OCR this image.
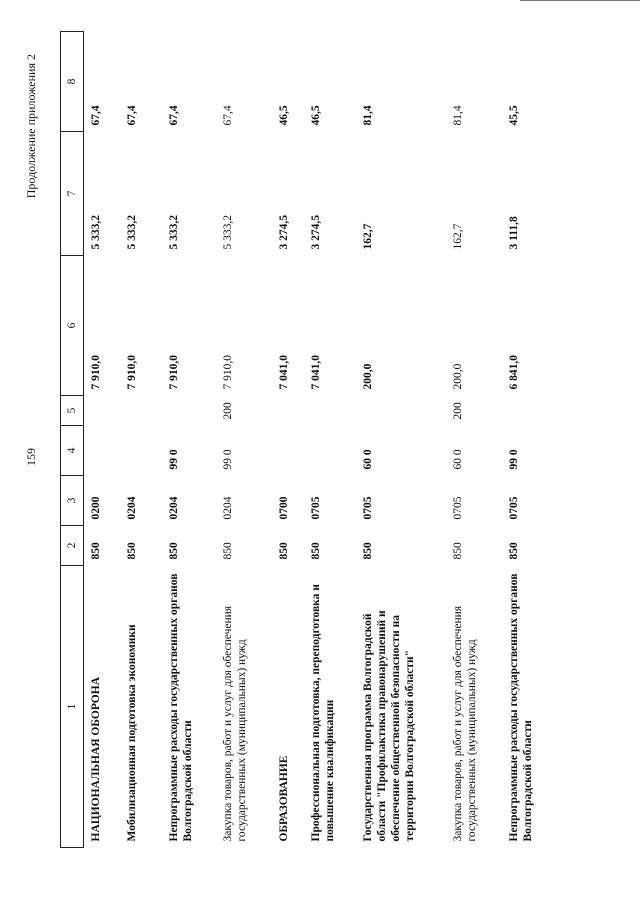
159
Продолжение приложения 2
1	2	3	4	5	6	7	8
НАЦИОНАЛЬНАЯ ОБОРОНА	850	0200			7 910,0	5 333,2	67,4
Мобилизационная подготовка экономики	850	0204			7 910,0	5 333,2	67,4
Непрограммные расходы государственных органов Волгоградской области	850	0204	99 0		7 910,0	5 333,2	67,4
Закупка товаров, работ и услуг для обеспечения государственных (муниципальных) нужд	850	0204	99 0	200	7 910,0	5 333,2	67,4
ОБРАЗОВАНИЕ	850	0700			7 041,0	3 274,5	46,5
Профессиональная подготовка, переподготовка и повышение квалификации	850	0705			7 041,0	3 274,5	46,5
Государственная программа Волгоградской области "Профилактика правонарушений и обеспечение общественной безопасности на территории Волгоградской области"	850	0705	60 0		200,0	162,7	81,4
Закупка товаров, работ и услуг для обеспечения государственных (муниципальных) нужд	850	0705	60 0	200	200,0	162,7	81,4
Непрограммные расходы государственных органов Волгоградской области	850	0705	99 0		6 841,0	3 111,8	45,5
